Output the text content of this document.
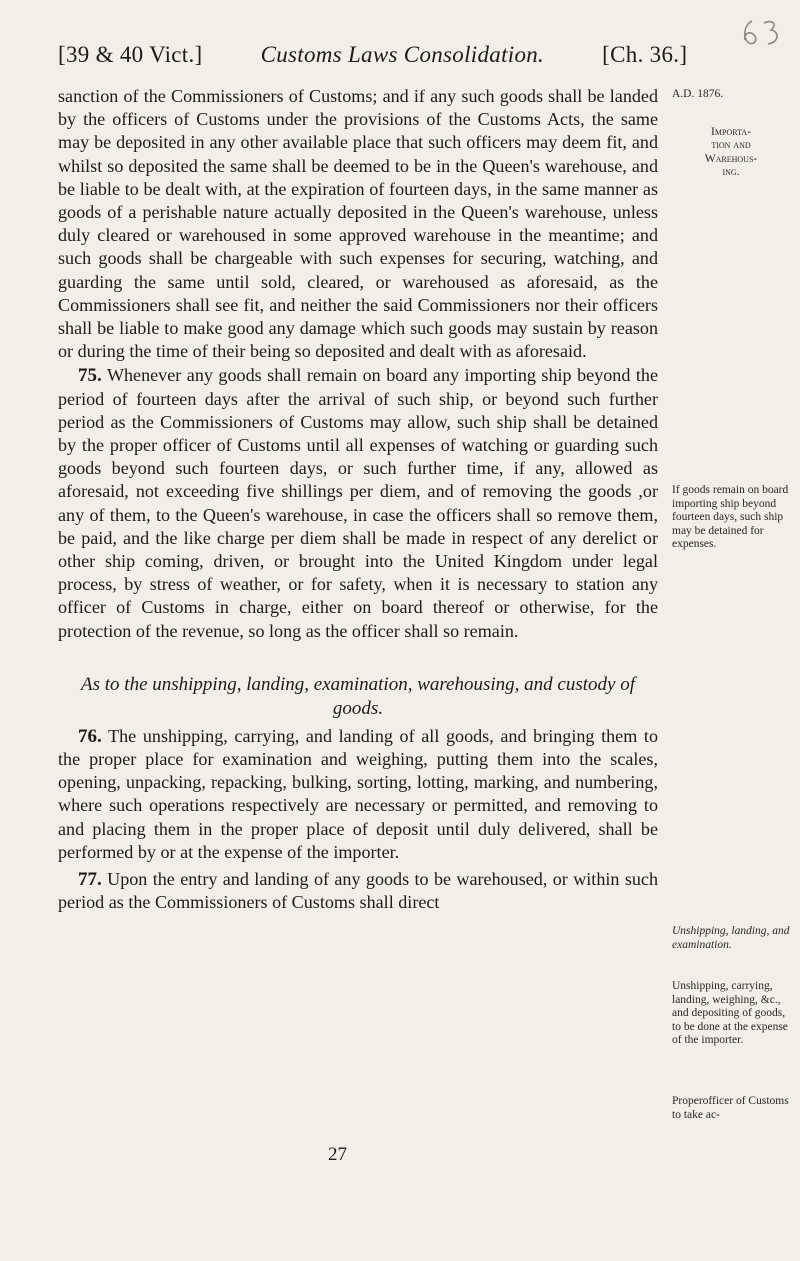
[39 & 40 Vict.]	Customs Laws Consolidation.	[Ch. 36.]

sanction of the Commissioners of Customs; and if any such goods shall be landed by the officers of Customs under the provisions of the Customs Acts, the same may be deposited in any other available place that such officers may deem fit, and whilst so deposited the same shall be deemed to be in the Queen's warehouse, and be liable to be dealt with, at the expiration of fourteen days, in the same manner as goods of a perishable nature actually deposited in the Queen's warehouse, unless duly cleared or warehoused in some approved warehouse in the meantime; and such goods shall be chargeable with such expenses for securing, watching, and guarding the same until sold, cleared, or warehoused as aforesaid, as the Commissioners shall see fit, and neither the said Commissioners nor their officers shall be liable to make good any damage which such goods may sustain by reason or during the time of their being so deposited and dealt with as aforesaid.

75. Whenever any goods shall remain on board any importing ship beyond the period of fourteen days after the arrival of such ship, or beyond such further period as the Commissioners of Customs may allow, such ship shall be detained by the proper officer of Customs until all expenses of watching or guarding such goods beyond such fourteen days, or such further time, if any, allowed as aforesaid, not exceeding five shillings per diem, and of removing the goods ,or any of them, to the Queen's warehouse, in case the officers shall so remove them, be paid, and the like charge per diem shall be made in respect of any derelict or other ship coming, driven, or brought into the United Kingdom under legal process, by stress of weather, or for safety, when it is necessary to station any officer of Customs in charge, either on board thereof or otherwise, for the protection of the revenue, so long as the officer shall so remain.

As to the unshipping, landing, examination, warehousing, and custody of goods.

76. The unshipping, carrying, and landing of all goods, and bringing them to the proper place for examination and weighing, putting them into the scales, opening, unpacking, repacking, bulking, sorting, lotting, marking, and numbering, where such operations respectively are necessary or permitted, and removing to and placing them in the proper place of deposit until duly delivered, shall be performed by or at the expense of the importer.

77. Upon the entry and landing of any goods to be warehoused, or within such period as the Commissioners of Customs shall direct

27
A.D. 1876.

Importa-
tion and
Warehous-
ing.

If goods remain on board importing ship beyond fourteen days, such ship may be detained for expenses.
Unshipping, landing, and examination.
Unshipping, carrying, landing, weighing, &c., and depositing of goods, to be done at the expense of the importer.
Properofficer of Customs to take ac-
